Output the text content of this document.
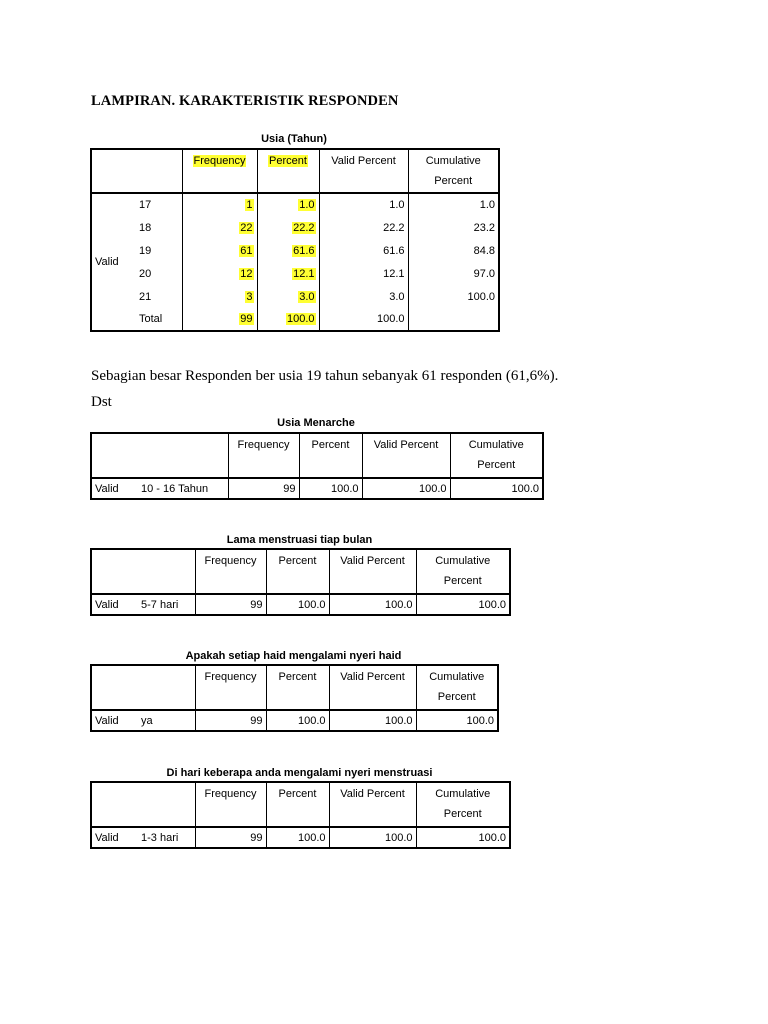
LAMPIRAN. KARAKTERISTIK RESPONDEN
Usia (Tahun)
		Frequency	Percent	Valid Percent	Cumulative
Percent
Valid	17	1	1.0	1.0	1.0
	18	22	22.2	22.2	23.2
	19	61	61.6	61.6	84.8
	20	12	12.1	12.1	97.0
	21	3	3.0	3.0	100.0
	Total	99	100.0	100.0	
Sebagian besar Responden ber usia 19 tahun sebanyak 61 responden (61,6%).
Dst
Usia Menarche
		Frequency	Percent	Valid Percent	Cumulative
Percent
Valid	10 - 16 Tahun	99	100.0	100.0	100.0
Lama menstruasi tiap bulan
		Frequency	Percent	Valid Percent	Cumulative
Percent
Valid	5-7 hari	99	100.0	100.0	100.0
Apakah setiap haid mengalami nyeri haid
		Frequency	Percent	Valid Percent	Cumulative
Percent
Valid	ya	99	100.0	100.0	100.0
Di hari keberapa anda mengalami nyeri menstruasi
		Frequency	Percent	Valid Percent	Cumulative
Percent
Valid	1-3 hari	99	100.0	100.0	100.0
